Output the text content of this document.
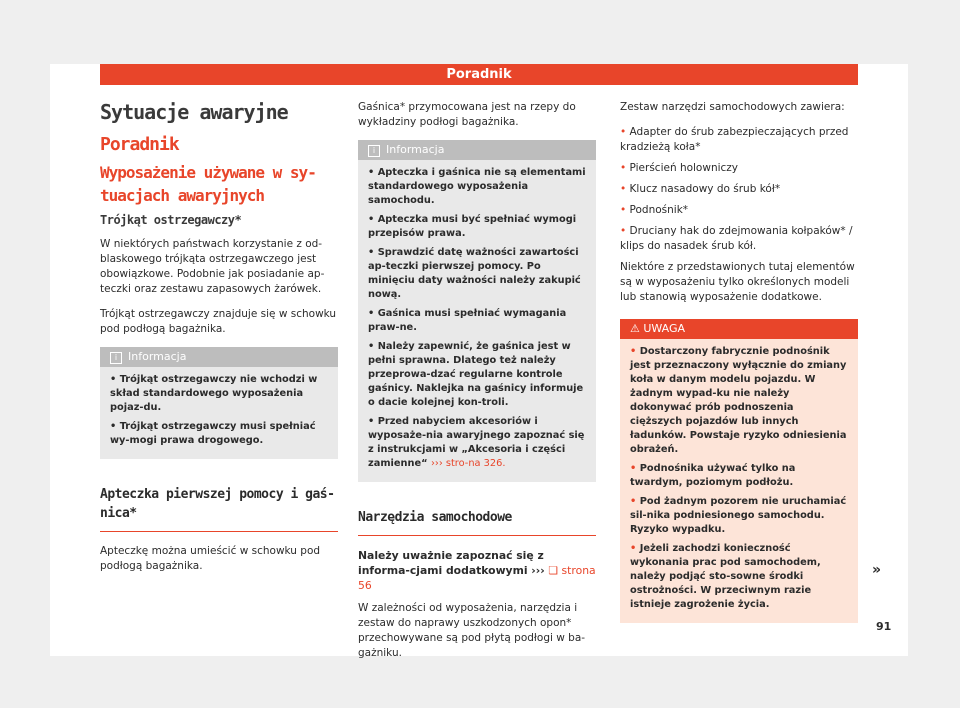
Poradnik
Sytuacje awaryjne
Poradnik
Wyposażenie używane w sy-tuacjach awaryjnych
Trójkąt ostrzegawczy*

W niektórych państwach korzystanie z od-blaskowego trójkąta ostrzegawczego jest obowiązkowe. Podobnie jak posiadanie ap-teczki oraz zestawu zapasowych żarówek.

Trójkąt ostrzegawczy znajduje się w schowku pod podłogą bagażnika.

i Informacja

• Trójkąt ostrzegawczy nie wchodzi w skład standardowego wyposażenia pojaz-du.

• Trójkąt ostrzegawczy musi spełniać wy-mogi prawa drogowego.

Apteczka pierwszej pomocy i gaś-nica*

Apteczkę można umieścić w schowku pod podłogą bagażnika.

Gaśnica* przymocowana jest na rzepy do wykładziny podłogi bagażnika.

i Informacja

• Apteczka i gaśnica nie są elementami standardowego wyposażenia samochodu.

• Apteczka musi być spełniać wymogi przepisów prawa.

• Sprawdzić datę ważności zawartości ap-teczki pierwszej pomocy. Po minięciu daty ważności należy zakupić nową.

• Gaśnica musi spełniać wymagania praw-ne.

• Należy zapewnić, że gaśnica jest w pełni sprawna. Dlatego też należy przeprowa-dzać regularne kontrole gaśnicy. Naklejka na gaśnicy informuje o dacie kolejnej kon-troli.

• Przed nabyciem akcesoriów i wyposaże-nia awaryjnego zapoznać się z instrukcjami w „Akcesoria i części zamienne“ ››› stro-na 326.

Narzędzia samochodowe

Należy uważnie zapoznać się z informa-cjami dodatkowymi ››› ❏ strona 56

W zależności od wyposażenia, narzędzia i zestaw do naprawy uszkodzonych opon* przechowywane są pod płytą podłogi w ba-gażniku.

Zestaw narzędzi samochodowych zawiera:

• Adapter do śrub zabezpieczających przed kradzieżą koła*

• Pierścień holowniczy

• Klucz nasadowy do śrub kół*

• Podnośnik*

• Druciany hak do zdejmowania kołpaków* / klips do nasadek śrub kół.

Niektóre z przedstawionych tutaj elementów są w wyposażeniu tylko określonych modeli lub stanowią wyposażenie dodatkowe.

⚠ UWAGA

• Dostarczony fabrycznie podnośnik jest przeznaczony wyłącznie do zmiany koła w danym modelu pojazdu. W żadnym wypad-ku nie należy dokonywać prób podnoszenia cięższych pojazdów lub innych ładunków. Powstaje ryzyko odniesienia obrażeń.

• Podnośnika używać tylko na twardym, poziomym podłożu.

• Pod żadnym pozorem nie uruchamiać sil-nika podniesionego samochodu. Ryzyko wypadku.

• Jeżeli zachodzi konieczność wykonania prac pod samochodem, należy podjąć sto-sowne środki ostrożności. W przeciwnym razie istnieje zagrożenie życia.

»
91
